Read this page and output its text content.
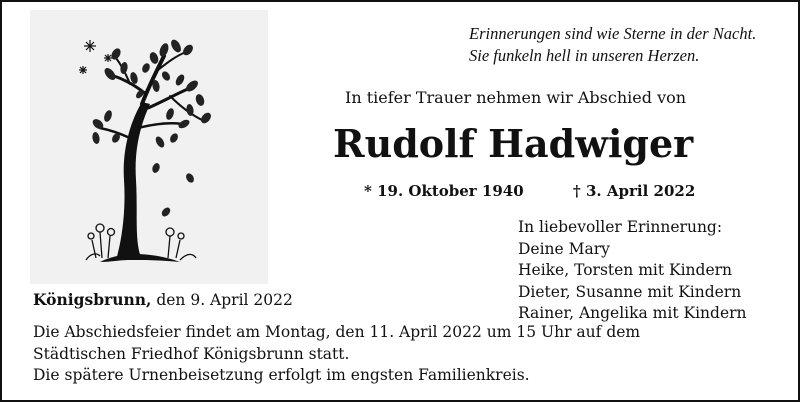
Erinnerungen sind wie Sterne in der Nacht.
Sie funkeln hell in unseren Herzen.
In tiefer Trauer nehmen wir Abschied von
Rudolf Hadwiger
* 19. Oktober 1940	† 3. April 2022
In liebevoller Erinnerung:
Deine Mary
Heike, Torsten mit Kindern
Dieter, Susanne mit Kindern
Rainer, Angelika mit Kindern
Königsbrunn, den 9. April 2022
Die Abschiedsfeier findet am Montag, den 11. April 2022 um 15 Uhr auf dem
Städtischen Friedhof Königsbrunn statt.
Die spätere Urnenbeisetzung erfolgt im engsten Familienkreis.
